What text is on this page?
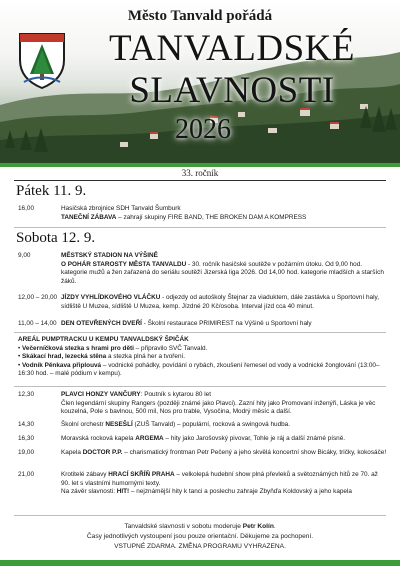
Město Tanvald pořádá
TANVALDSKÉ
SLAVNOSTI
2026
33. ročník
Pátek 11. 9.
16,00	Hasičská zbrojnice SDH Tanvald Šumburk
TANEČNÍ ZÁBAVA – zahrají skupiny FIRE BAND, THE BROKEN DAM A KOMPRESS
Sobota 12. 9.
9,00	MĚSTSKÝ STADION NA VÝŠINĚ
O POHÁR STAROSTY MĚSTA TANVALDU - 30. ročník hasičské soutěže v požárním útoku. Od 9,00 hod. kategorie mužů a žen zařazená do seriálu soutěží Jizerská liga 2026. Od 14,00 hod. kategorie mladších a starších žáků.
12,00 – 20,00 JÍZDY VYHLÍDKOVÉHO VLÁČKU - odjezdy od autoškoly Štejnar za viaduktem, dále zastávka u Sportovní haly, sídliště U Muzea, sídliště U Muzea, kemp. Jízdné 20 Kč/osoba. Interval jízd cca 40 minut.
11,00 – 14,00 DEN OTEVŘENÝCH DVEŘÍ - Školní restaurace PRIMIREST na Výšině u Sportovní haly
AREÁL PUMPTRACKU U KEMPU TANVALDSKÝ ŠPIČÁK
• Večerníčková stezka s hrami pro děti – připravilo SVČ Tanvald.
• Skákací hrad, lezecká stěna a stezka plná her a tvoření.
• Vodník Pěnkava připlouvá – vodnické pohádky, povídání o rybách, zkoušení řemesel od vody a vodnické žonglování (13:00–16:30 hod. – malé pódium v kempu).
12,30	PLAVCI HONZY VANČURY: Poutník s kytarou 80 let
Člen legendární skupiny Rangers (později známé jako Plavci). Zazní hity jako Promovaní inženýři, Láska je věc kouzelná, Pole s bavlnou, 500 mil, Nos pro trable, Vysočina, Modrý měsíc a další.
14,30	Školní orchestr NESEŠLÍ (ZUŠ Tanvald) – populární, rocková a swingová hudba.
16,30	Moravská rocková kapela ARGEMA – hity jako Jarošovský pivovar, Tohle je ráj a další známé písně.
19,00	Kapela DOCTOR P.P. – charismatický frontman Petr Pečený a jeho skvělá koncertní show Bicáky, tričky, kokosáče!
21,00	Krotitelé zábavy HRACÍ SKŘÍŇ PRAHA – velkolepá hudební show plná převleků a světoznámých hitů ze 70. až 90. let s vlastními humornými texty.
Na závěr slavnosti: HIT! – nejznámější hity k tanci a poslechu zahraje Zbyňďa Koldovský a jeho kapela
Tanvaldské slavnosti v sobotu moderuje Petr Kolín.
Časy jednotlivých vystoupení jsou pouze orientační. Děkujeme za pochopení.
VSTUPNÉ ZDARMA. ZMĚNA PROGRAMU VYHRAZENA.
